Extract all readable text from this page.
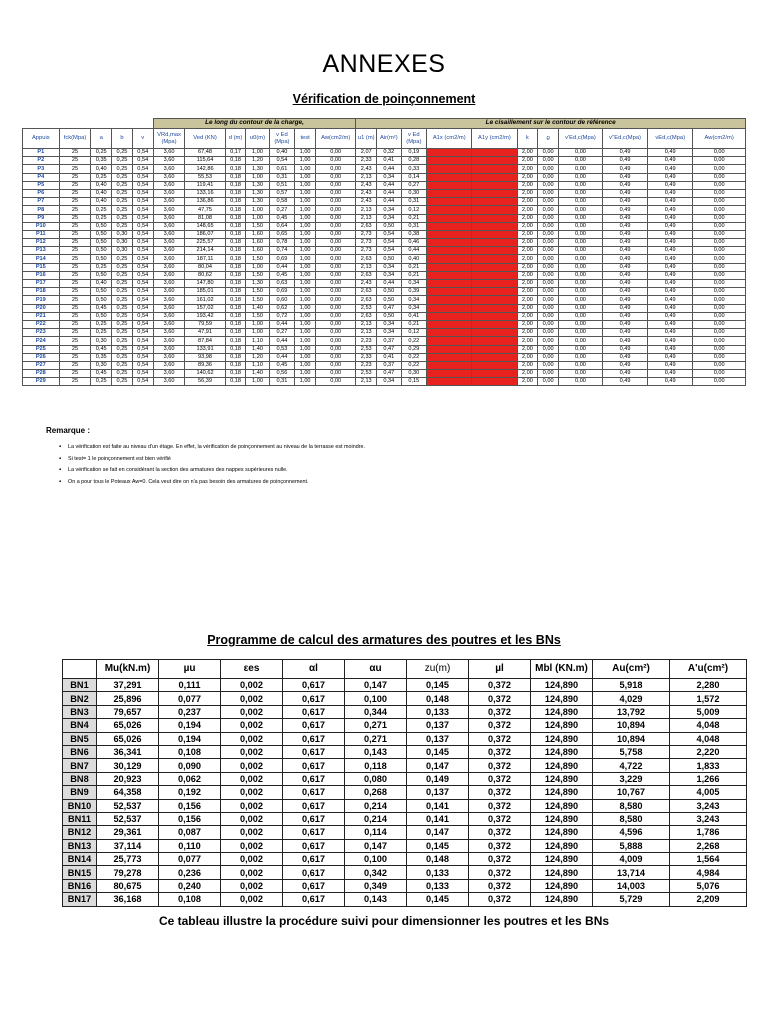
ANNEXES
Vérification de poinçonnement
					Le long du contour de la charge,							Le cisaillement sur le contour de référence										
Appuis	fck(Mpa)	a	b	v	VRd,max (Mpa)	Ved (KN)	d (m)	u0(m)	v Ed (Mpa)	test	Aw(cm2/m)	u1 (m)	Air(m²)	v Ed (Mpa)	A1x (cm2/m)	A1y (cm2/m)	k	ϱ	v'Ed,c(Mpa)	v''Ed,c(Mpa)	vEd,c(Mpa)	Aw(cm2/m)
P1	25	0,25	0,25	0,54	3,60	67,48	0,17	1,00	0,40	1,00	0,00	2,07	0,32	0,19	0,00	0,00	2,00	0,00	0,00	0,49	0,49	0,00
P2	25	0,35	0,25	0,54	3,60	115,64	0,18	1,20	0,54	1,00	0,00	2,33	0,41	0,28	0,00	0,00	2,00	0,00	0,00	0,49	0,49	0,00
P3	25	0,40	0,25	0,54	3,60	142,86	0,18	1,30	0,61	1,00	0,00	2,43	0,44	0,33	0,00	0,00	2,00	0,00	0,00	0,49	0,49	0,00
P4	25	0,25	0,25	0,54	3,60	55,53	0,18	1,00	0,31	1,00	0,00	2,13	0,34	0,14	0,00	0,00	2,00	0,00	0,00	0,49	0,49	0,00
P5	25	0,40	0,25	0,54	3,60	119,41	0,18	1,30	0,51	1,00	0,00	2,43	0,44	0,27	0,00	0,00	2,00	0,00	0,00	0,49	0,49	0,00
P6	25	0,40	0,25	0,54	3,60	133,16	0,18	1,30	0,57	1,00	0,00	2,43	0,44	0,30	0,00	0,00	2,00	0,00	0,00	0,49	0,49	0,00
P7	25	0,40	0,25	0,54	3,60	136,86	0,18	1,30	0,58	1,00	0,00	2,43	0,44	0,31	0,00	0,00	2,00	0,00	0,00	0,49	0,49	0,00
P8	25	0,25	0,25	0,54	3,60	47,75	0,18	1,00	0,27	1,00	0,00	2,13	0,34	0,12	0,00	0,00	2,00	0,00	0,00	0,49	0,49	0,00
P9	25	0,25	0,25	0,54	3,60	81,08	0,18	1,00	0,45	1,00	0,00	2,13	0,34	0,21	0,00	0,00	2,00	0,00	0,00	0,49	0,49	0,00
P10	25	0,50	0,25	0,54	3,60	148,65	0,18	1,50	0,64	1,00	0,00	2,63	0,50	0,31	0,00	0,00	2,00	0,00	0,00	0,49	0,49	0,00
P11	25	0,50	0,30	0,54	3,60	186,07	0,18	1,60	0,65	1,00	0,00	2,73	0,54	0,38	0,00	0,00	2,00	0,00	0,00	0,49	0,49	0,00
P12	25	0,50	0,30	0,54	3,60	225,57	0,18	1,60	0,78	1,00	0,00	2,73	0,54	0,46	0,00	0,00	2,00	0,00	0,00	0,49	0,49	0,00
P13	25	0,50	0,30	0,54	3,60	214,14	0,18	1,60	0,74	1,00	0,00	2,73	0,54	0,44	0,00	0,00	2,00	0,00	0,00	0,49	0,49	0,00
P14	25	0,50	0,25	0,54	3,60	187,11	0,18	1,50	0,69	1,00	0,00	2,63	0,50	0,40	0,00	0,00	2,00	0,00	0,00	0,49	0,49	0,00
P15	25	0,25	0,25	0,54	3,60	80,04	0,18	1,00	0,44	1,00	0,00	2,13	0,34	0,21	0,00	0,00	2,00	0,00	0,00	0,49	0,49	0,00
P16	25	0,50	0,25	0,54	3,60	80,62	0,18	1,50	0,45	1,00	0,00	2,63	0,34	0,21	0,00	0,00	2,00	0,00	0,00	0,49	0,49	0,00
P17	25	0,40	0,25	0,54	3,60	147,80	0,18	1,30	0,63	1,00	0,00	2,43	0,44	0,34	0,00	0,00	2,00	0,00	0,00	0,49	0,49	0,00
P18	25	0,50	0,25	0,54	3,60	185,01	0,18	1,50	0,69	1,00	0,00	2,63	0,50	0,39	0,00	0,00	2,00	0,00	0,00	0,49	0,49	0,00
P19	25	0,50	0,25	0,54	3,60	161,02	0,18	1,50	0,60	1,00	0,00	2,63	0,50	0,34	0,00	0,00	2,00	0,00	0,00	0,49	0,49	0,00
P20	25	0,45	0,25	0,54	3,60	157,02	0,18	1,40	0,62	1,00	0,00	2,53	0,47	0,34	0,00	0,00	2,00	0,00	0,00	0,49	0,49	0,00
P21	25	0,50	0,25	0,54	3,60	193,42	0,18	1,50	0,72	1,00	0,00	2,63	0,50	0,41	0,00	0,00	2,00	0,00	0,00	0,49	0,49	0,00
P22	25	0,25	0,25	0,54	3,60	79,59	0,18	1,00	0,44	1,00	0,00	2,13	0,34	0,21	0,00	0,00	2,00	0,00	0,00	0,49	0,49	0,00
P23	25	0,25	0,25	0,54	3,60	47,91	0,18	1,00	0,27	1,00	0,00	2,13	0,34	0,12	0,00	0,00	2,00	0,00	0,00	0,49	0,49	0,00
P24	25	0,30	0,25	0,54	3,60	87,84	0,18	1,10	0,44	1,00	0,00	2,23	0,37	0,22	0,00	0,00	2,00	0,00	0,00	0,49	0,49	0,00
P25	25	0,45	0,25	0,54	3,60	133,91	0,18	1,40	0,53	1,00	0,00	2,53	0,47	0,29	0,00	0,00	2,00	0,00	0,00	0,49	0,49	0,00
P26	25	0,35	0,25	0,54	3,60	93,98	0,18	1,20	0,44	1,00	0,00	2,33	0,41	0,22	0,00	0,00	2,00	0,00	0,00	0,49	0,49	0,00
P27	25	0,30	0,25	0,54	3,60	89,36	0,18	1,10	0,45	1,00	0,00	2,23	0,37	0,22	0,00	0,00	2,00	0,00	0,00	0,49	0,49	0,00
P28	25	0,45	0,25	0,54	3,60	140,62	0,18	1,40	0,56	1,00	0,00	2,53	0,47	0,30	0,00	0,00	2,00	0,00	0,00	0,49	0,49	0,00
P29	25	0,25	0,25	0,54	3,60	56,39	0,18	1,00	0,31	1,00	0,00	2,13	0,34	0,15	0,00	0,00	2,00	0,00	0,00	0,49	0,49	0,00
Remarque :
▪ La vérification est faite au niveau d'un étage. En effet, la vérification de poinçonnement au niveau de la terrasse est moindre.
▪ Si test= 1 le poinçonnement est bien vérifié
▪ La vérification se fait en considérant la section des armatures des nappes supérieures nulle.
▪ On a pour tous le Poteaux Aw=0. Cela veut dire on n'a pas besoin des armatures de poinçonnement.
Programme de calcul des armatures des poutres et les BNs
	Mu(kN.m)	µu	εes	αl	αu	zu(m)	µl	Mbl (KN.m)	Au(cm²)	A'u(cm²)
BN1	37,291	0,111	0,002	0,617	0,147	0,145	0,372	124,890	5,918	2,280
BN2	25,896	0,077	0,002	0,617	0,100	0,148	0,372	124,890	4,029	1,572
BN3	79,657	0,237	0,002	0,617	0,344	0,133	0,372	124,890	13,792	5,009
BN4	65,026	0,194	0,002	0,617	0,271	0,137	0,372	124,890	10,894	4,048
BN5	65,026	0,194	0,002	0,617	0,271	0,137	0,372	124,890	10,894	4,048
BN6	36,341	0,108	0,002	0,617	0,143	0,145	0,372	124,890	5,758	2,220
BN7	30,129	0,090	0,002	0,617	0,118	0,147	0,372	124,890	4,722	1,833
BN8	20,923	0,062	0,002	0,617	0,080	0,149	0,372	124,890	3,229	1,266
BN9	64,358	0,192	0,002	0,617	0,268	0,137	0,372	124,890	10,767	4,005
BN10	52,537	0,156	0,002	0,617	0,214	0,141	0,372	124,890	8,580	3,243
BN11	52,537	0,156	0,002	0,617	0,214	0,141	0,372	124,890	8,580	3,243
BN12	29,361	0,087	0,002	0,617	0,114	0,147	0,372	124,890	4,596	1,786
BN13	37,114	0,110	0,002	0,617	0,147	0,145	0,372	124,890	5,888	2,268
BN14	25,773	0,077	0,002	0,617	0,100	0,148	0,372	124,890	4,009	1,564
BN15	79,278	0,236	0,002	0,617	0,342	0,133	0,372	124,890	13,714	4,984
BN16	80,675	0,240	0,002	0,617	0,349	0,133	0,372	124,890	14,003	5,076
BN17	36,168	0,108	0,002	0,617	0,143	0,145	0,372	124,890	5,729	2,209
Ce tableau illustre la procédure suivi pour dimensionner les poutres et les BNs
